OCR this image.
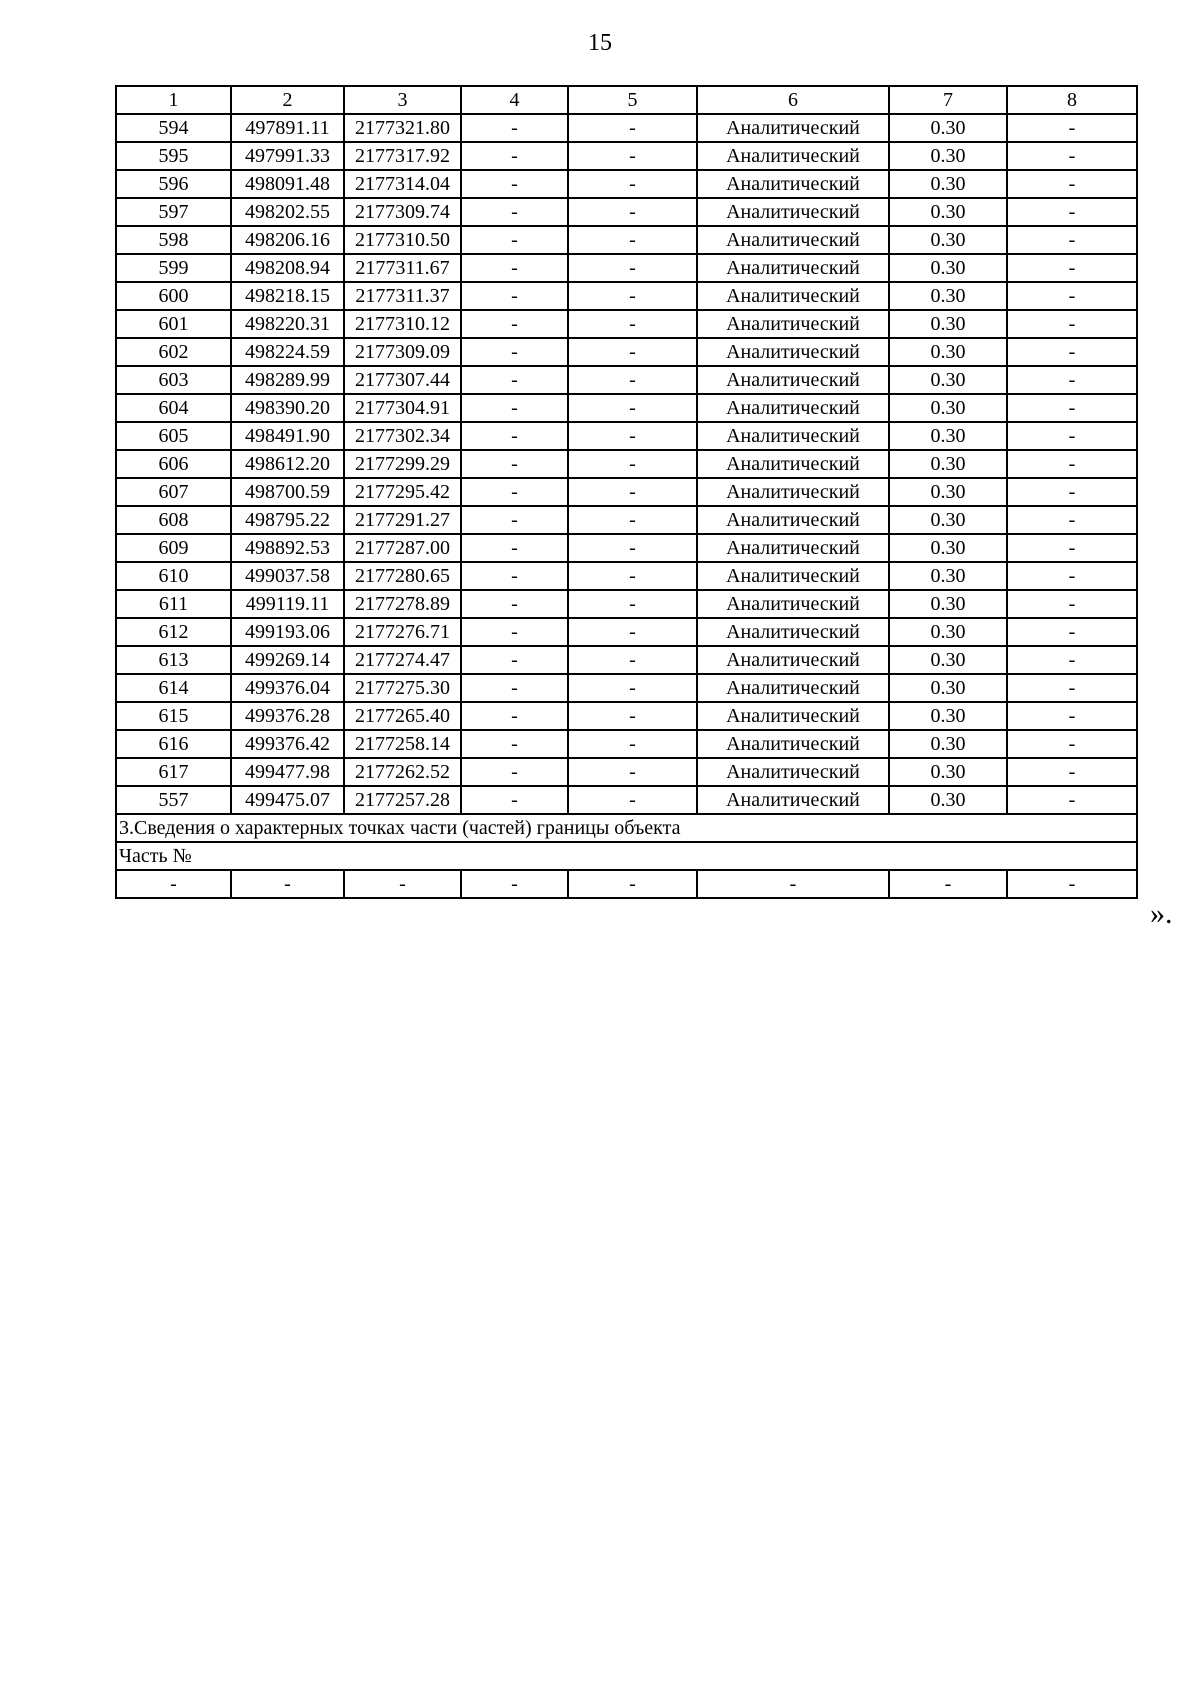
15
1	2	3	4	5	6	7	8
594	497891.11	2177321.80	-	-	Аналитический	0.30	-
595	497991.33	2177317.92	-	-	Аналитический	0.30	-
596	498091.48	2177314.04	-	-	Аналитический	0.30	-
597	498202.55	2177309.74	-	-	Аналитический	0.30	-
598	498206.16	2177310.50	-	-	Аналитический	0.30	-
599	498208.94	2177311.67	-	-	Аналитический	0.30	-
600	498218.15	2177311.37	-	-	Аналитический	0.30	-
601	498220.31	2177310.12	-	-	Аналитический	0.30	-
602	498224.59	2177309.09	-	-	Аналитический	0.30	-
603	498289.99	2177307.44	-	-	Аналитический	0.30	-
604	498390.20	2177304.91	-	-	Аналитический	0.30	-
605	498491.90	2177302.34	-	-	Аналитический	0.30	-
606	498612.20	2177299.29	-	-	Аналитический	0.30	-
607	498700.59	2177295.42	-	-	Аналитический	0.30	-
608	498795.22	2177291.27	-	-	Аналитический	0.30	-
609	498892.53	2177287.00	-	-	Аналитический	0.30	-
610	499037.58	2177280.65	-	-	Аналитический	0.30	-
611	499119.11	2177278.89	-	-	Аналитический	0.30	-
612	499193.06	2177276.71	-	-	Аналитический	0.30	-
613	499269.14	2177274.47	-	-	Аналитический	0.30	-
614	499376.04	2177275.30	-	-	Аналитический	0.30	-
615	499376.28	2177265.40	-	-	Аналитический	0.30	-
616	499376.42	2177258.14	-	-	Аналитический	0.30	-
617	499477.98	2177262.52	-	-	Аналитический	0.30	-
557	499475.07	2177257.28	-	-	Аналитический	0.30	-
3.Сведения о характерных точках части (частей) границы объекта							
Часть №							
-	-	-	-	-	-	-	-
».
